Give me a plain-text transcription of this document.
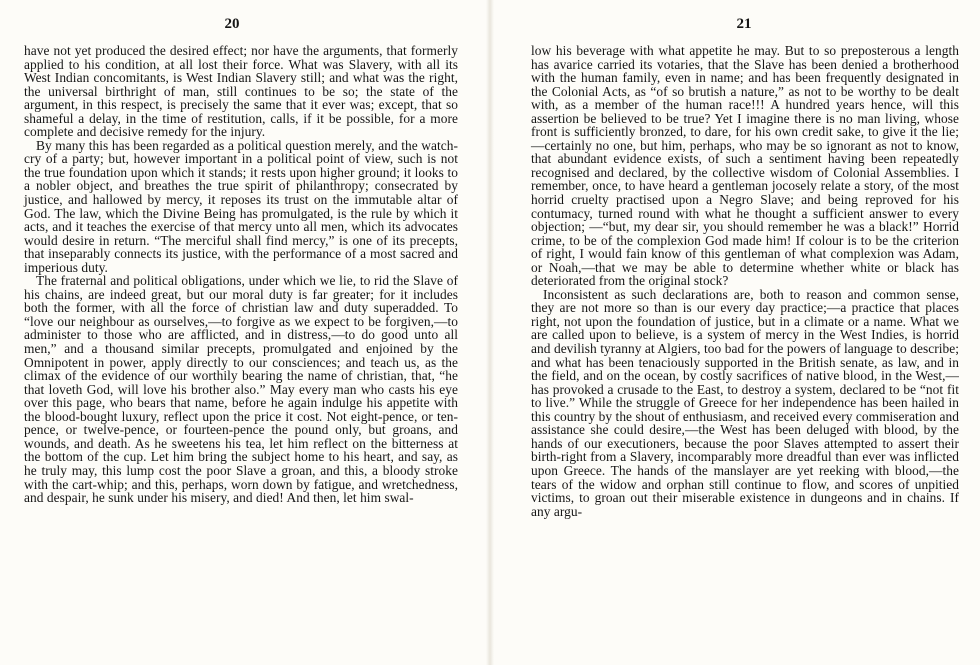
20

have not yet produced the desired effect; nor have the arguments, that formerly applied to his condition, at all lost their force. What was Slavery, with all its West Indian concomitants, is West Indian Slavery still; and what was the right, the universal birthright of man, still continues to be so; the state of the argument, in this respect, is precisely the same that it ever was; except, that so shameful a delay, in the time of restitution, calls, if it be possible, for a more complete and decisive remedy for the injury.

By many this has been regarded as a political question merely, and the watch-cry of a party; but, however important in a political point of view, such is not the true foundation upon which it stands; it rests upon higher ground; it looks to a nobler object, and breathes the true spirit of philanthropy; consecrated by justice, and hallowed by mercy, it reposes its trust on the immutable altar of God. The law, which the Divine Being has promulgated, is the rule by which it acts, and it teaches the exercise of that mercy unto all men, which its advocates would desire in return. “The merciful shall find mercy,” is one of its precepts, that inseparably connects its justice, with the performance of a most sacred and imperious duty.

The fraternal and political obligations, under which we lie, to rid the Slave of his chains, are indeed great, but our moral duty is far greater; for it includes both the former, with all the force of christian law and duty superadded. To “love our neighbour as ourselves,—to forgive as we expect to be forgiven,—to administer to those who are afflicted, and in distress,—to do good unto all men,” and a thousand similar precepts, promulgated and enjoined by the Omnipotent in power, apply directly to our consciences; and teach us, as the climax of the evidence of our worthily bearing the name of christian, that, “he that loveth God, will love his brother also.” May every man who casts his eye over this page, who bears that name, before he again indulge his appetite with the blood-bought luxury, reflect upon the price it cost. Not eight-pence, or ten-pence, or twelve-pence, or fourteen-pence the pound only, but groans, and wounds, and death. As he sweetens his tea, let him reflect on the bitterness at the bottom of the cup. Let him bring the subject home to his heart, and say, as he truly may, this lump cost the poor Slave a groan, and this, a bloody stroke with the cart-whip; and this, perhaps, worn down by fatigue, and wretchedness, and despair, he sunk under his misery, and died! And then, let him swal-

21

low his beverage with what appetite he may. But to so preposterous a length has avarice carried its votaries, that the Slave has been denied a brotherhood with the human family, even in name; and has been frequently designated in the Colonial Acts, as “of so brutish a nature,” as not to be worthy to be dealt with, as a member of the human race!!! A hundred years hence, will this assertion be believed to be true? Yet I imagine there is no man living, whose front is sufficiently bronzed, to dare, for his own credit sake, to give it the lie;—certainly no one, but him, perhaps, who may be so ignorant as not to know, that abundant evidence exists, of such a sentiment having been repeatedly recognised and declared, by the collective wisdom of Colonial Assemblies. I remember, once, to have heard a gentleman jocosely relate a story, of the most horrid cruelty practised upon a Negro Slave; and being reproved for his contumacy, turned round with what he thought a sufficient answer to every objection; —“but, my dear sir, you should remember he was a black!” Horrid crime, to be of the complexion God made him! If colour is to be the criterion of right, I would fain know of this gentleman of what complexion was Adam, or Noah,—that we may be able to determine whether white or black has deteriorated from the original stock?

Inconsistent as such declarations are, both to reason and common sense, they are not more so than is our every day practice;—a practice that places right, not upon the foundation of justice, but in a climate or a name. What we are called upon to believe, is a system of mercy in the West Indies, is horrid and devilish tyranny at Algiers, too bad for the powers of language to describe; and what has been tenaciously supported in the British senate, as law, and in the field, and on the ocean, by costly sacrifices of native blood, in the West,—has provoked a crusade to the East, to destroy a system, declared to be “not fit to live.” While the struggle of Greece for her independence has been hailed in this country by the shout of enthusiasm, and received every commiseration and assistance she could desire,—the West has been deluged with blood, by the hands of our executioners, because the poor Slaves attempted to assert their birth-right from a Slavery, incomparably more dreadful than ever was inflicted upon Greece. The hands of the manslayer are yet reeking with blood,—the tears of the widow and orphan still continue to flow, and scores of unpitied victims, to groan out their miserable existence in dungeons and in chains. If any argu-
